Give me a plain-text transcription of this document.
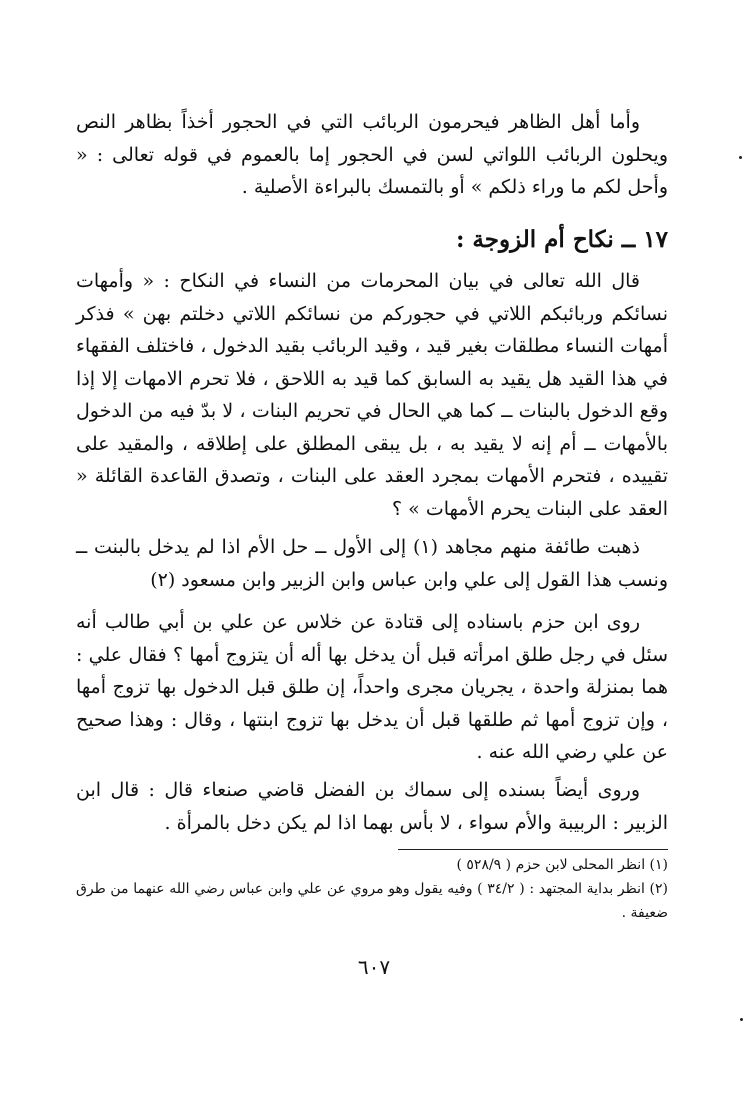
وأما أهل الظاهر فيحرمون الربائب التي في الحجور أخذاً بظاهر النص ويحلون الربائب اللواتي لسن في الحجور إما بالعموم في قوله تعالى : « وأحل لكم ما وراء ذلكم » أو بالتمسك بالبراءة الأصلية .

١٧ ــ نكاح أم الزوجة :

قال الله تعالى في بيان المحرمات من النساء في النكاح : « وأمهات نسائكم وربائبكم اللاتي في حجوركم من نسائكم اللاتي دخلتم بهن » فذكر أمهات النساء مطلقات بغير قيد ، وقيد الربائب بقيد الدخول ، فاختلف الفقهاء في هذا القيد هل يقيد به السابق كما قيد به اللاحق ، فلا تحرم الامهات إلا إذا وقع الدخول بالبنات ــ كما هي الحال في تحريم البنات ، لا بدّ فيه من الدخول بالأمهات ــ أم إنه لا يقيد به ، بل يبقى المطلق على إطلاقه ، والمقيد على تقييده ، فتحرم الأمهات بمجرد العقد على البنات ، وتصدق القاعدة القائلة « العقد على البنات يحرم الأمهات » ؟

ذهبت طائفة منهم مجاهد (١) إلى الأول ــ حل الأم اذا لم يدخل بالبنت ــ ونسب هذا القول إلى علي وابن عباس وابن الزبير وابن مسعود (٢)

روى ابن حزم باسناده إلى قتادة عن خلاس عن علي بن أبي طالب أنه سئل في رجل طلق امرأته قبل أن يدخل بها أله أن يتزوج أمها ؟ فقال علي : هما بمنزلة واحدة ، يجريان مجرى واحداً، إن طلق قبل الدخول بها تزوج أمها ، وإن تزوج أمها ثم طلقها قبل أن يدخل بها تزوج ابنتها ، وقال : وهذا صحيح عن علي رضي الله عنه .

وروى أيضاً بسنده إلى سماك بن الفضل قاضي صنعاء قال : قال ابن الزبير : الربيبة والأم سواء ، لا بأس بهما اذا لم يكن دخل بالمرأة .

(١) انظر المحلى لابن حزم ( ٥٢٨/٩ )

(٢) انظر بداية المجتهد : ( ٣٤/٢ ) وفيه يقول وهو مروي عن علي وابن عباس رضي الله عنهما من طرق ضعيفة .

٦٠٧
